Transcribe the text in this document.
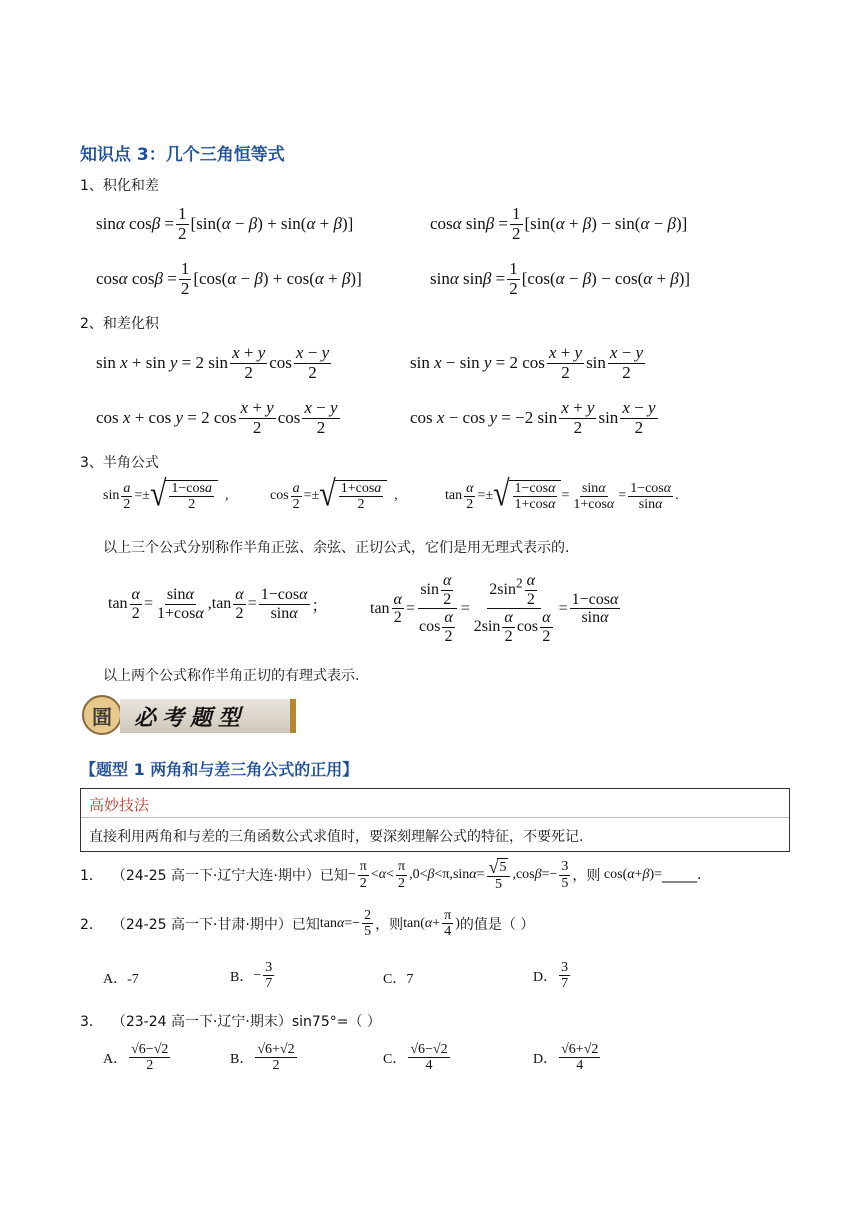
知识点 3：几个三角恒等式
1、积化和差
sin α $\cos \beta = \frac{1}{2} [\sin$( α − β ) + sin( α + β )]	cos α $\sin \beta = \frac{1}{2} [\sin$( α + β ) − sin( α − β )]
cos α $\cos \beta = \frac{1}{2} [\cos$( α − β ) + cos( α + β )]	sin α $\sin \beta = \frac{1}{2} [\cos$( α − β ) − cos( α + β )]
2、和差化积
sin x + sin y = 2 $\sin \frac{x + y}{2}$ $\cos \frac{x - y}{2}$	sin x − sin y = 2 $\cos \frac{x + y}{2}$ $\sin \frac{x - y}{2}$
cos x + cos y = 2 $\cos \frac{x + y}{2}$ $\cos \frac{x - y}{2}$	cos x − cos y = −2 $\sin \frac{x + y}{2}$ $\sin \frac{x - y}{2}$
3、半角公式
$\sin \frac{a}{2}$ =± √ $\frac{1-\cos a}{2}$ ,	$\cos \frac{a}{2}$ =± √ $\frac{1+\cos a}{2}$ ,	$\tan \frac{\alpha}{2}$ =± √ $\frac{1-\cos\alpha}{1+\cos\alpha} = \frac{\sin\alpha}{1+\cos\alpha} = \frac{1-\cos\alpha}{\sin\alpha}$ .
以上三个公式分别称作半角正弦、余弦、正切公式，它们是用无理式表示的.
$\tan \frac{\alpha}{2} = \frac{\sin\alpha}{1+\cos\alpha} ,\tan \frac{\alpha}{2} = \frac{1-\cos\alpha}{\sin\alpha}$ ；	$\tan \frac{\alpha}{2} = \frac{\sin \frac{\alpha}{2}}{\cos \frac{\alpha}{2}} = \frac{2\sin^2 \frac{\alpha}{2}}{2\sin \frac{\alpha}{2} \cos \frac{\alpha}{2}} = \frac{1-\cos\alpha}{\sin\alpha}$
以上两个公式称作半角正切的有理式表示.
圄 必考题型
【题型 1 两角和与差三角公式的正用】
高妙技法
直接利用两角和与差的三角函数公式求值时，要深刻理解公式的特征，不要死记.
1．
（24-25 高一下·辽宁大连·期中）已知 − $\frac{\pi}{2} < \alpha < \frac{\pi}{2} ,0< \beta <\pi,\sin$ $\alpha = \frac{√ 5}{5} ,\cos$ $\beta =- \frac{3}{5}$ ，则 cos( α + β )= _____.
2．
（24-25 高一下·甘肃·期中）已知 $\tan \alpha =- \frac{2}{5}$ ，则 tan( $\alpha + \frac{\pi}{4}$ ) 的值是（ ）
A．-7	B． − $\frac{3}{7}$	C．7	D． $\frac{3}{7}$
3．
（23-24 高一下·辽宁·期末）sin75°=（ ）
A． $\frac{√6-√2}{2}$	B． $\frac{√6+√2}{2}$	C． $\frac{√6-√2}{4}$	D． $\frac{√6+√2}{4}$
